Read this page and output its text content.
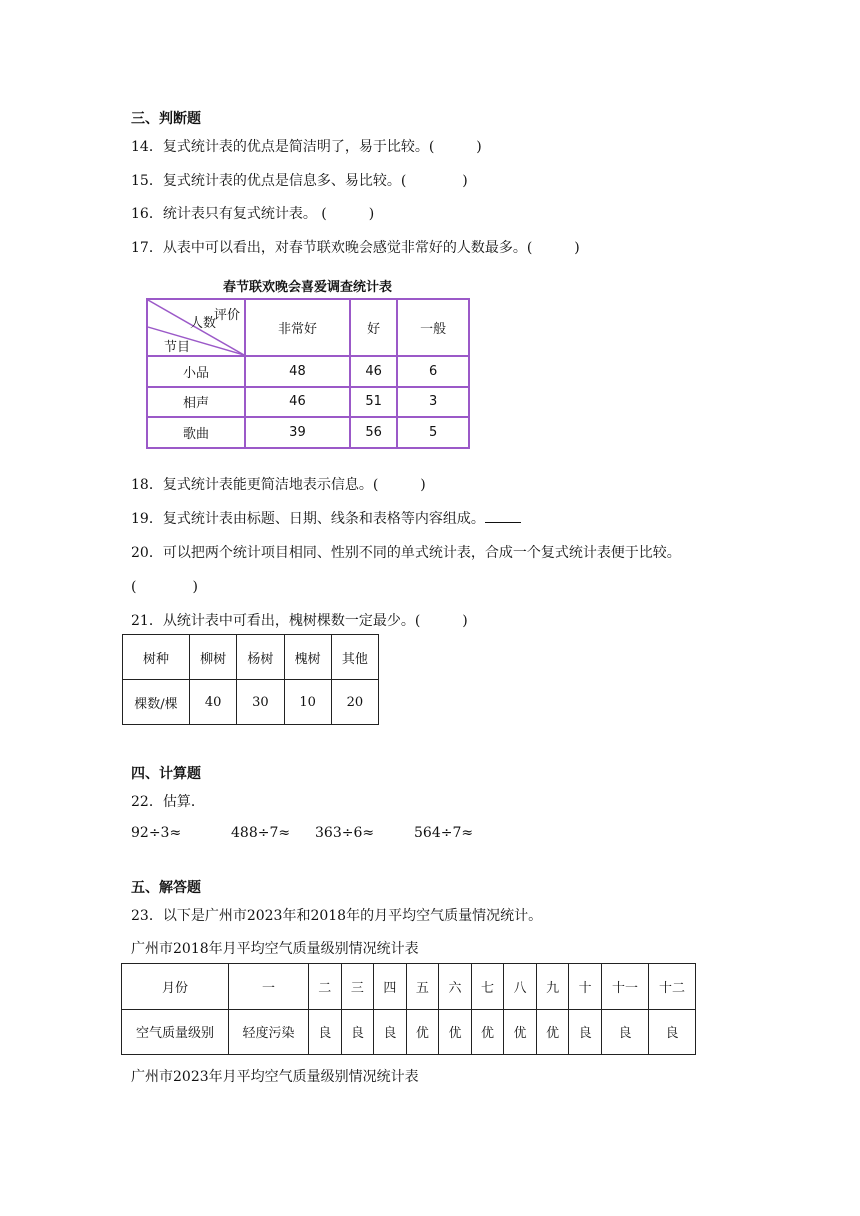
三、判断题
14．复式统计表的优点是简洁明了，易于比较。(　　　)
15．复式统计表的优点是信息多、易比较。(　　　　)
16．统计表只有复式统计表。 (　　　)
17．从表中可以看出，对春节联欢晚会感觉非常好的人数最多。(　　　)
春节联欢晚会喜爱调查统计表
评价
人数
节目	非常好	好	一般
小品	48	46	6
相声	46	51	3
歌曲	39	56	5
18．复式统计表能更简洁地表示信息。(　　　)
19．复式统计表由标题、日期、线条和表格等内容组成。
20．可以把两个统计项目相同、性别不同的单式统计表，合成一个复式统计表便于比较。
(　　　　)
21．从统计表中可看出，槐树棵数一定最少。(　　　)
树种	柳树	杨树	槐树	其他
棵数/棵	40	30	10	20
四、计算题
22．估算．
92÷3≈	488÷7≈ 363÷6≈	564÷7≈
五、解答题
23．以下是广州市2023年和2018年的月平均空气质量情况统计。
广州市2018年月平均空气质量级别情况统计表
月份	一	二	三	四	五	六	七	八	九	十	十一	十二
空气质量级别	轻度污染	良	良	良	优	优	优	优	优	良	良	良
广州市2023年月平均空气质量级别情况统计表
